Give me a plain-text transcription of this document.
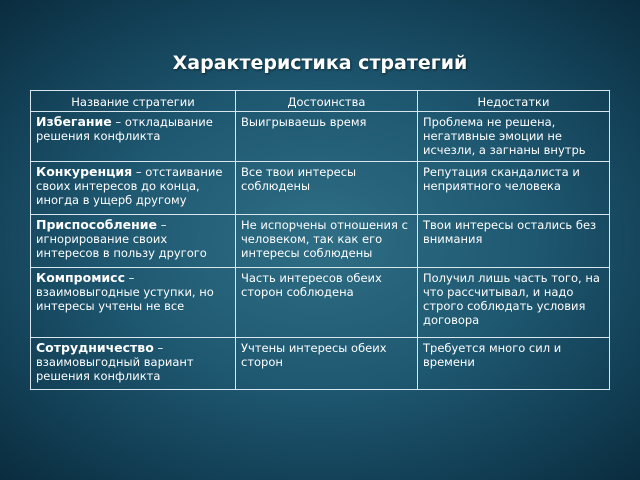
Характеристика стратегий
Название стратегии	Достоинства	Недостатки
Избегание – откладывание решения конфликта	Выигрываешь время	Проблема не решена, негативные эмоции не исчезли, а загнаны внутрь
Конкуренция – отстаивание своих интересов до конца, иногда в ущерб другому	Все твои интересы соблюдены	Репутация скандалиста и неприятного человека
Приспособление – игнорирование своих интересов в пользу другого	Не испорчены отношения с человеком, так как его интересы соблюдены	Твои интересы остались без внимания
Компромисс – взаимовыгодные уступки, но интересы учтены не все	Часть интересов обеих сторон соблюдена	Получил лишь часть того, на что рассчитывал, и надо строго соблюдать условия договора
Сотрудничество – взаимовыгодный вариант решения конфликта	Учтены интересы обеих сторон	Требуется много сил и времени
